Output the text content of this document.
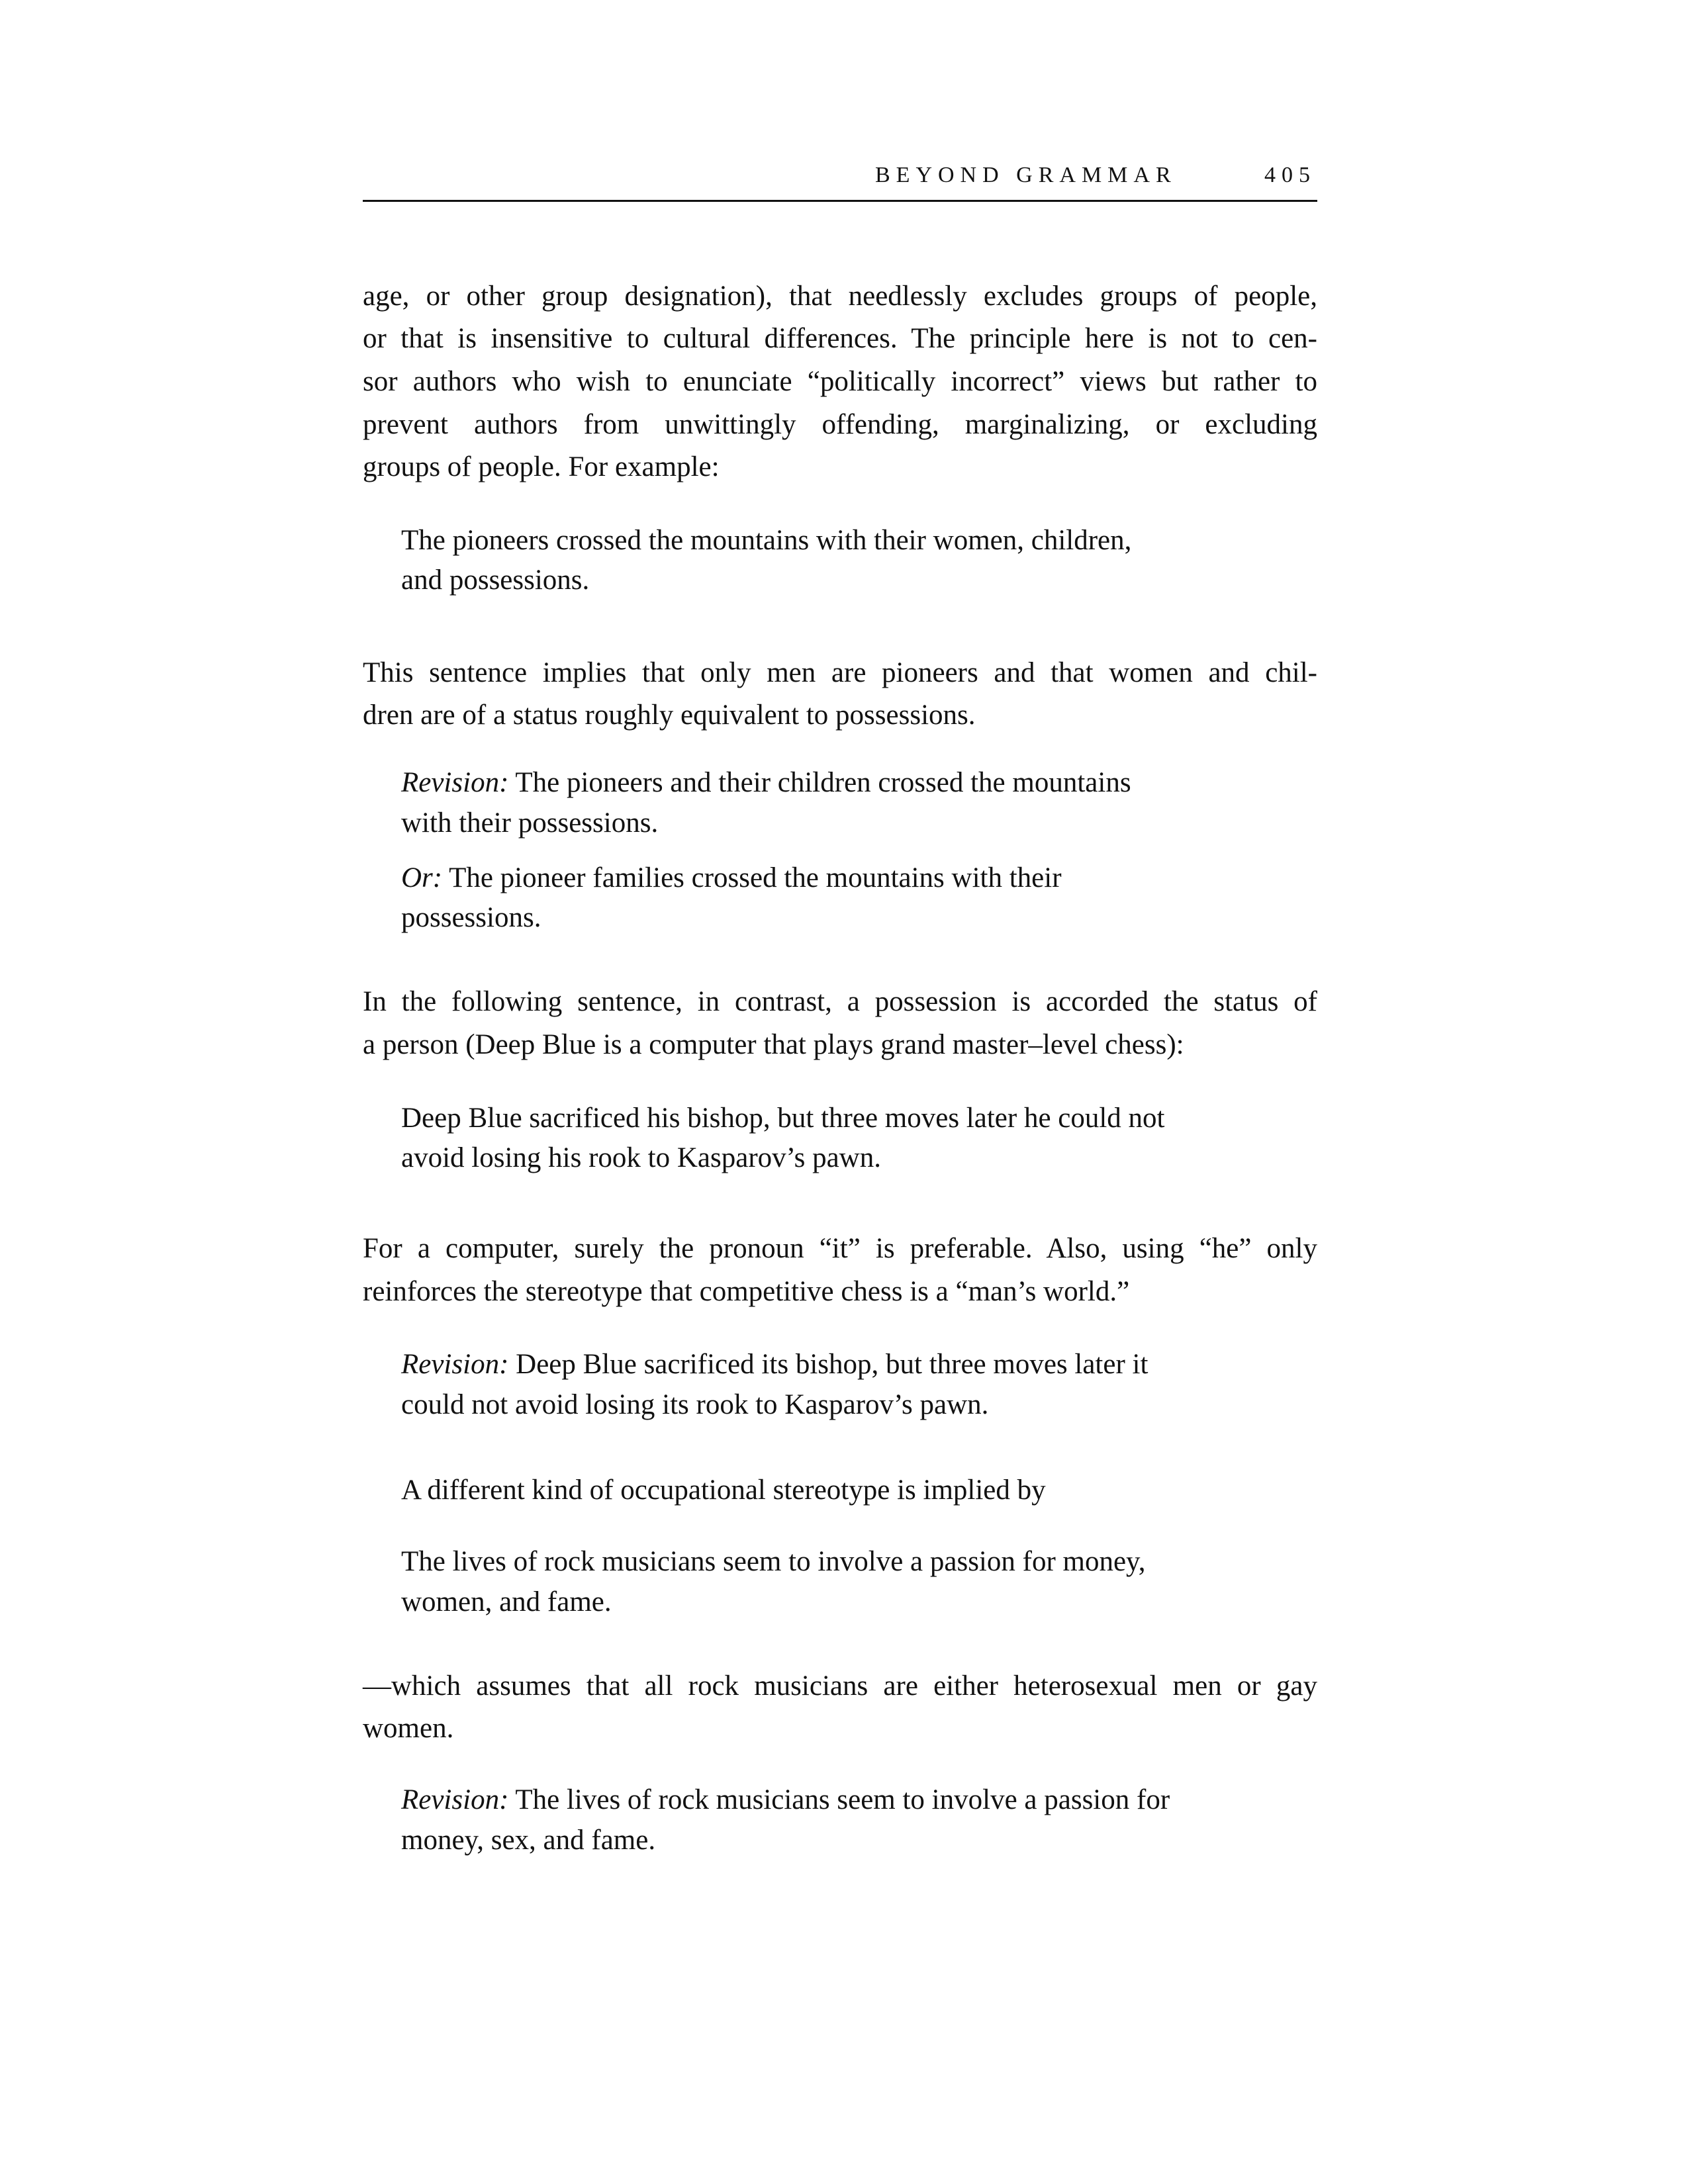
BEYOND GRAMMAR	405
age, or other group designation), that needlessly excludes groups of people,
or that is insensitive to cultural differences. The principle here is not to cen-
sor authors who wish to enunciate “politically incorrect” views but rather to
prevent authors from unwittingly offending, marginalizing, or excluding
groups of people. For example:
The pioneers crossed the mountains with their women, children,
and possessions.
This sentence implies that only men are pioneers and that women and chil-
dren are of a status roughly equivalent to possessions.
Revision: The pioneers and their children crossed the mountains
with their possessions.
Or: The pioneer families crossed the mountains with their
possessions.
In the following sentence, in contrast, a possession is accorded the status of
a person (Deep Blue is a computer that plays grand master–level chess):
Deep Blue sacrificed his bishop, but three moves later he could not
avoid losing his rook to Kasparov’s pawn.
For a computer, surely the pronoun “it” is preferable. Also, using “he” only
reinforces the stereotype that competitive chess is a “man’s world.”
Revision: Deep Blue sacrificed its bishop, but three moves later it
could not avoid losing its rook to Kasparov’s pawn.
A different kind of occupational stereotype is implied by
The lives of rock musicians seem to involve a passion for money,
women, and fame.
—which assumes that all rock musicians are either heterosexual men or gay
women.
Revision: The lives of rock musicians seem to involve a passion for
money, sex, and fame.
